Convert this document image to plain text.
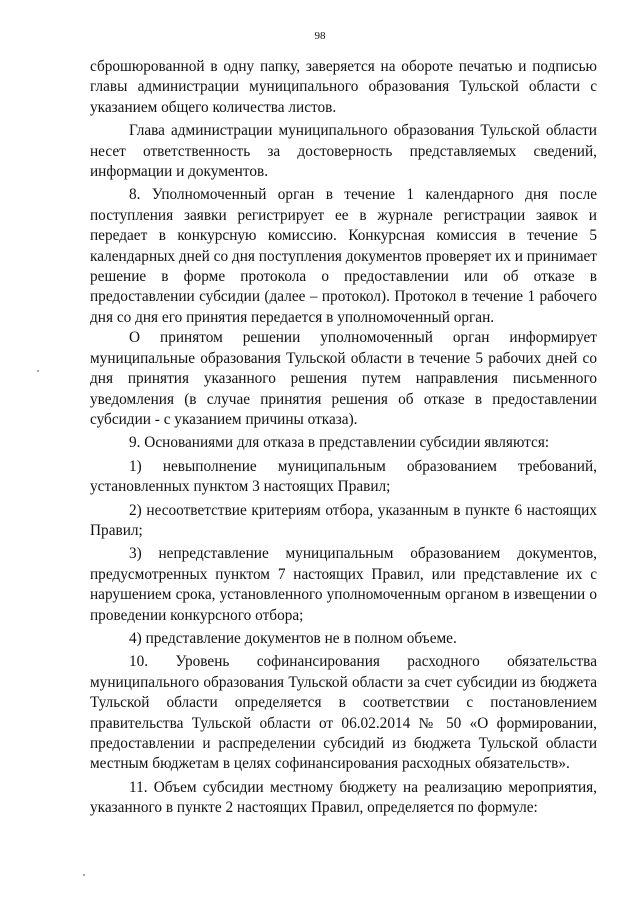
98

сброшюрованной в одну папку, заверяется на обороте печатью и подписью главы администрации муниципального образования Тульской области с указанием общего количества листов.

Глава администрации муниципального образования Тульской области несет ответственность за достоверность представляемых сведений, информации и документов.

8. Уполномоченный орган в течение 1 календарного дня после поступления заявки регистрирует ее в журнале регистрации заявок и передает в конкурсную комиссию. Конкурсная комиссия в течение 5 календарных дней со дня поступления документов проверяет их и принимает решение в форме протокола о предоставлении или об отказе в предоставлении субсидии (далее – протокол). Протокол в течение 1 рабочего дня со дня его принятия передается в уполномоченный орган.

О принятом решении уполномоченный орган информирует муниципальные образования Тульской области в течение 5 рабочих дней со дня принятия указанного решения путем направления письменного уведомления (в случае принятия решения об отказе в предоставлении субсидии - с указанием причины отказа).

9. Основаниями для отказа в представлении субсидии являются:

1) невыполнение муниципальным образованием требований, установленных пунктом 3 настоящих Правил;

2) несоответствие критериям отбора, указанным в пункте 6 настоящих Правил;

3) непредставление муниципальным образованием документов, предусмотренных пунктом 7 настоящих Правил, или представление их с нарушением срока, установленного уполномоченным органом в извещении о проведении конкурсного отбора;

4) представление документов не в полном объеме.

10. Уровень софинансирования расходного обязательства муниципального образования Тульской области за счет субсидии из бюджета Тульской области определяется в соответствии с постановлением правительства Тульской области от 06.02.2014 № 50 «О формировании, предоставлении и распределении субсидий из бюджета Тульской области местным бюджетам в целях софинансирования расходных обязательств».

11. Объем субсидии местному бюджету на реализацию мероприятия, указанного в пункте 2 настоящих Правил, определяется по формуле:
